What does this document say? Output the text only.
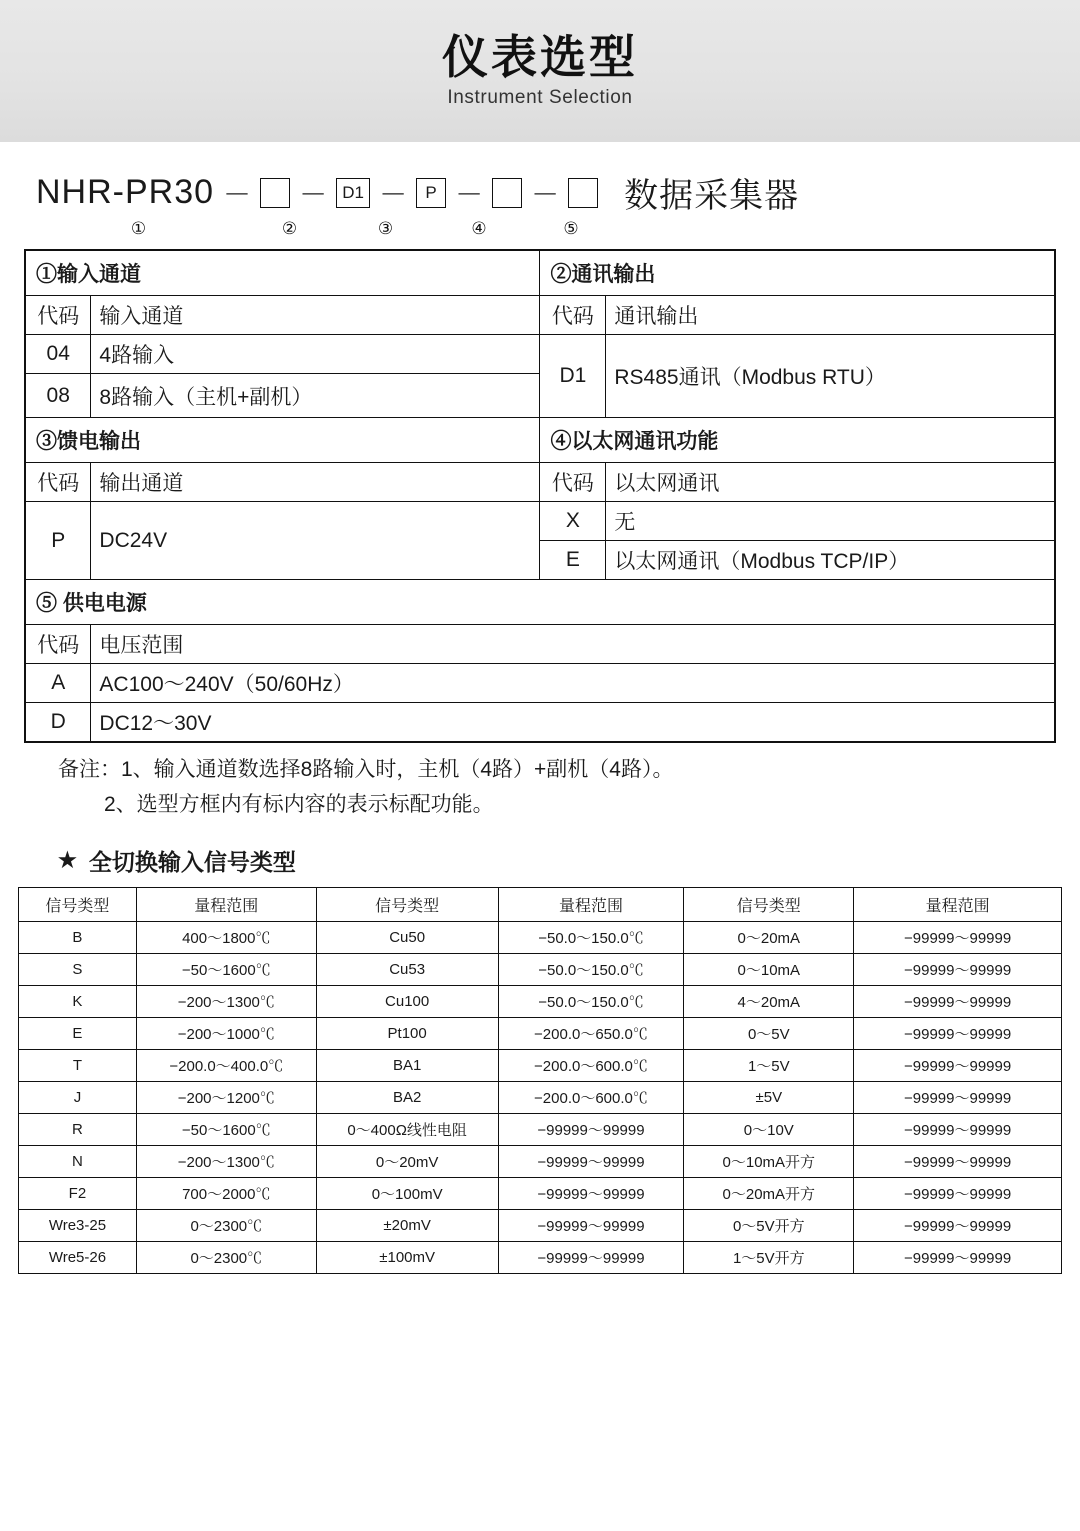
仪表选型
Instrument Selection
NHR-PR30 － － D1 －	P － － 数据采集器
①	②	③	④	⑤
①输入通道		②通讯输出	
代码	输入通道	代码	通讯输出
04	4路输入	D1	RS485通讯（Modbus RTU）
08	8路输入（主机+副机）		
③馈电输出		④以太网通讯功能	
代码	输出通道	代码	以太网通讯
P	DC24V	X	无
		E	以太网通讯（Modbus TCP/IP）
⑤ 供电电源			
代码	电压范围		
A	AC100～240V（50/60Hz）		
D	DC12～30V		
备注：1、输入通道数选择8路输入时，主机（4路）+副机（4路）。
2、选型方框内有标内容的表示标配功能。
★ 全切换输入信号类型
信号类型	量程范围	信号类型	量程范围	信号类型	量程范围
B	400～1800℃	Cu50	−50.0～150.0℃	0～20mA	−99999～99999
S	−50～1600℃	Cu53	−50.0～150.0℃	0～10mA	−99999～99999
K	−200～1300℃	Cu100	−50.0～150.0℃	4～20mA	−99999～99999
E	−200～1000℃	Pt100	−200.0～650.0℃	0～5V	−99999～99999
T	−200.0～400.0℃	BA1	−200.0～600.0℃	1～5V	−99999～99999
J	−200～1200℃	BA2	−200.0～600.0℃	±5V	−99999～99999
R	−50～1600℃	0～400Ω线性电阻	−99999～99999	0～10V	−99999～99999
N	−200～1300℃	0～20mV	−99999～99999	0～10mA开方	−99999～99999
F2	700～2000℃	0～100mV	−99999～99999	0～20mA开方	−99999～99999
Wre3-25	0～2300℃	±20mV	−99999～99999	0～5V开方	−99999～99999
Wre5-26	0～2300℃	±100mV	−99999～99999	1～5V开方	−99999～99999
